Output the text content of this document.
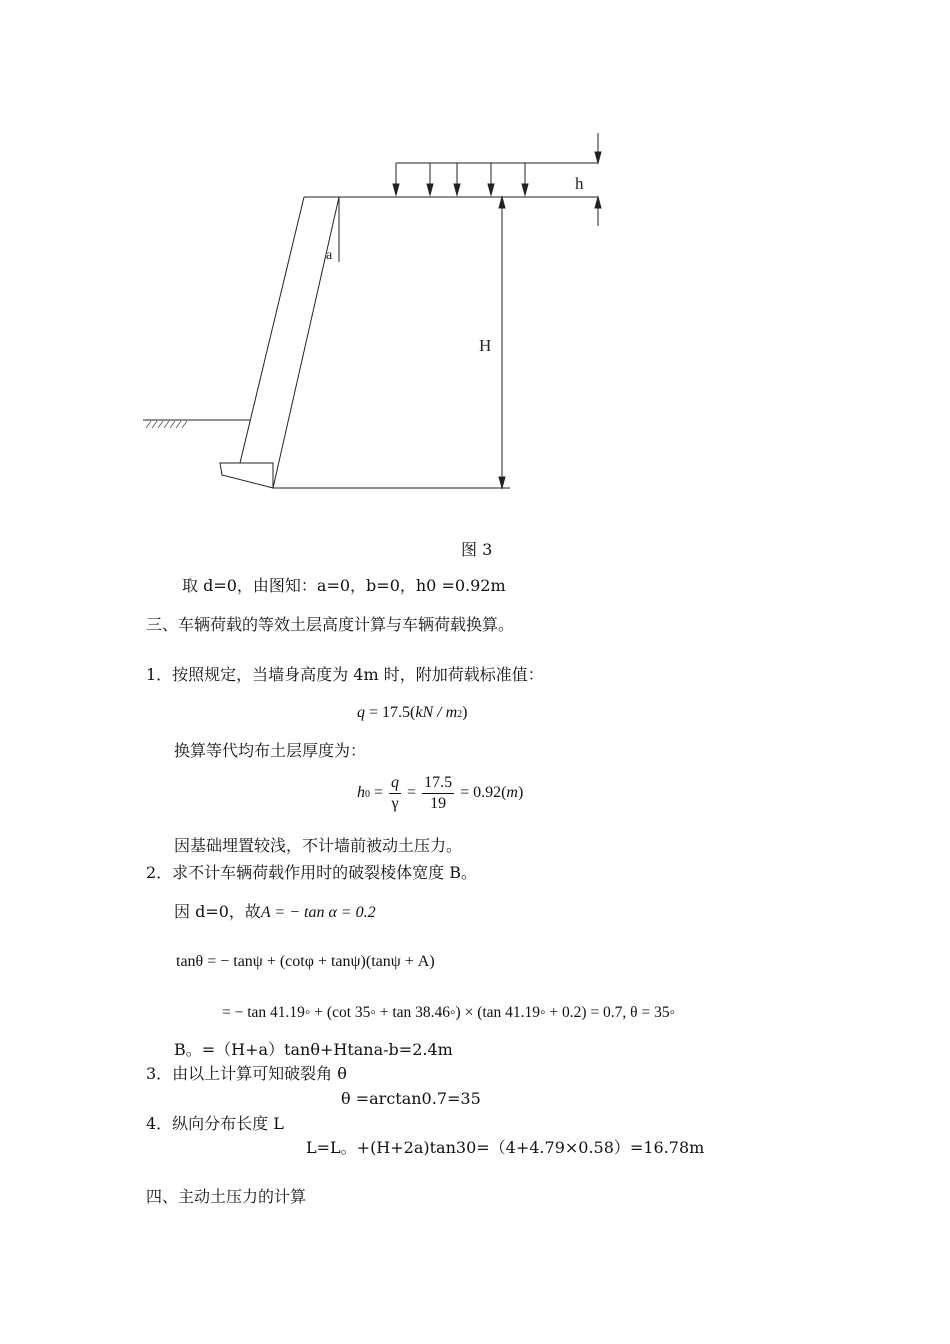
a
h
H
图 3
取 d=0，由图知：a=0，b=0，h0 =0.92m
三、车辆荷载的等效土层高度计算与车辆荷载换算。
1．按照规定，当墙身高度为 4m 时，附加荷载标准值：
q = 17.5(kN / m2)
换算等代均布土层厚度为：
$h0 = \frac{q}{\gamma} = \frac{17.5}{19} = 0.92(m)$
因基础埋置较浅，不计墙前被动土压力。
2．求不计车辆荷载作用时的破裂棱体宽度 B。
因 d=0，故A = − tan α = 0.2
tanθ = − tanψ + (cotφ + tanψ)(tanψ + A)
= − tan 41.19◦ + (cot 35◦ + tan 38.46◦) × (tan 41.19◦ + 0.2) = 0.7, θ = 35◦
B。=（H+a）tanθ+Htana-b=2.4m
3．由以上计算可知破裂角 θ
θ =arctan0.7=35
4．纵向分布长度 L
L=L。+(H+2a)tan30=（4+4.79×0.58）=16.78m
四、主动土压力的计算
